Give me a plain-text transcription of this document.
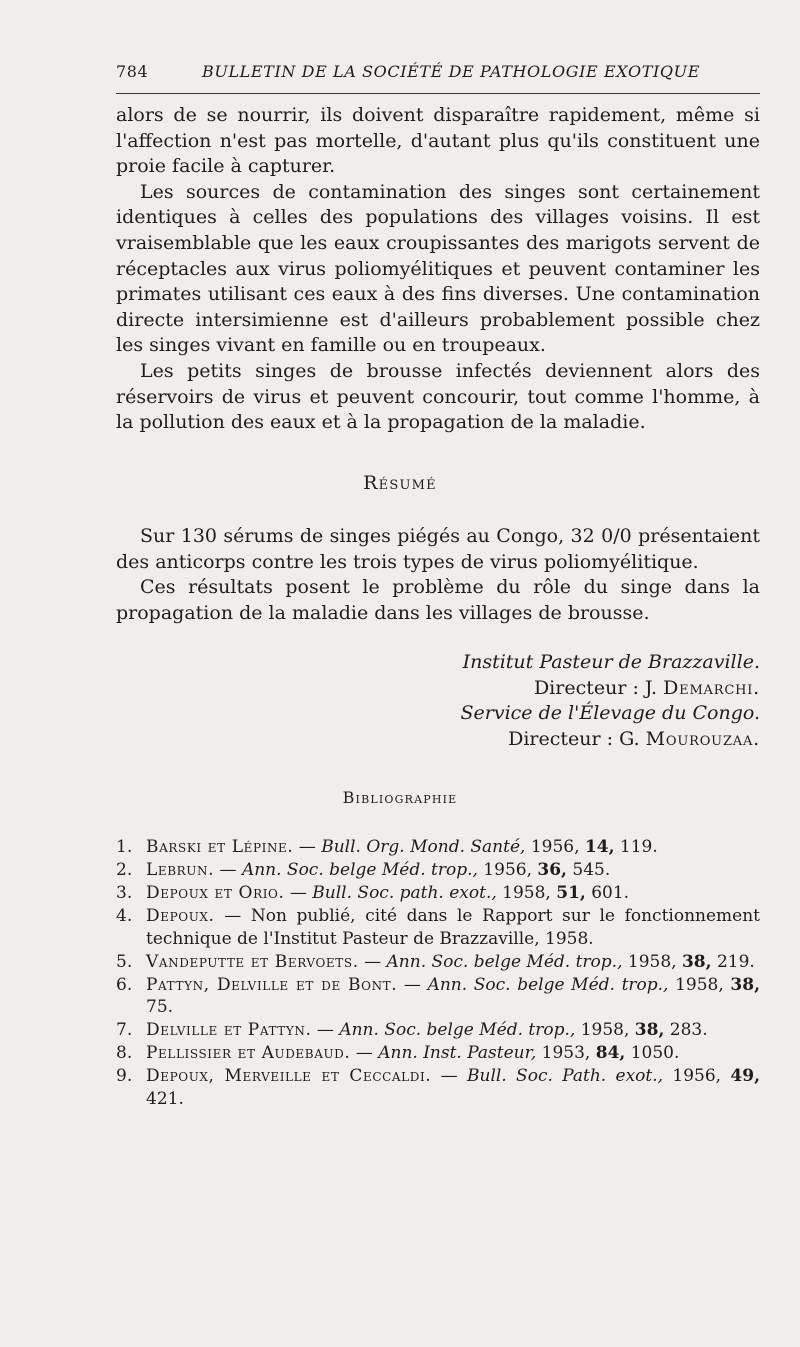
784	BULLETIN DE LA SOCIÉTÉ DE PATHOLOGIE EXOTIQUE

alors de se nourrir, ils doivent disparaître rapidement, même si l'affection n'est pas mortelle, d'autant plus qu'ils constituent une proie facile à capturer.

Les sources de contamination des singes sont certainement identiques à celles des populations des villages voisins. Il est vraisemblable que les eaux croupissantes des marigots servent de réceptacles aux virus poliomyélitiques et peuvent contaminer les primates utilisant ces eaux à des fins diverses. Une contamination directe intersimienne est d'ailleurs probablement possible chez les singes vivant en famille ou en troupeaux.

Les petits singes de brousse infectés deviennent alors des réservoirs de virus et peuvent concourir, tout comme l'homme, à la pollution des eaux et à la propagation de la maladie.

Résumé

Sur 130 sérums de singes piégés au Congo, 32 0/0 présentaient des anticorps contre les trois types de virus poliomyélitique.

Ces résultats posent le problème du rôle du singe dans la propagation de la maladie dans les villages de brousse.

Institut Pasteur de Brazzaville.
Directeur : J. Demarchi.
Service de l'Élevage du Congo.
Directeur : G. Mourouzaa.
Bibliographie
1. Barski et Lépine. — Bull. Org. Mond. Santé, 1956, 14, 119.
2. Lebrun. — Ann. Soc. belge Méd. trop., 1956, 36, 545.
3. Depoux et Orio. — Bull. Soc. path. exot., 1958, 51, 601.
4. Depoux. — Non publié, cité dans le Rapport sur le fonctionnement technique de l'Institut Pasteur de Brazzaville, 1958.
5. Vandeputte et Bervoets. — Ann. Soc. belge Méd. trop., 1958, 38, 219.
6. Pattyn, Delville et de Bont. — Ann. Soc. belge Méd. trop., 1958, 38, 75.
7. Delville et Pattyn. — Ann. Soc. belge Méd. trop., 1958, 38, 283.
8. Pellissier et Audebaud. — Ann. Inst. Pasteur, 1953, 84, 1050.
9. Depoux, Merveille et Ceccaldi. — Bull. Soc. Path. exot., 1956, 49, 421.
